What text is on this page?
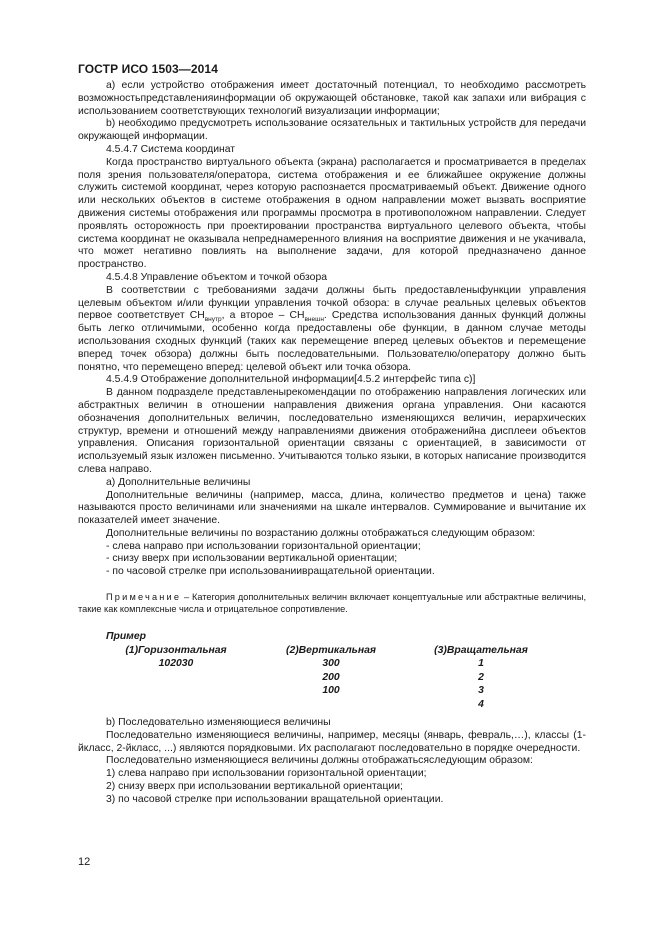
ГОСТР ИСО 1503—2014

а) если устройство отображения имеет достаточный потенциал, то необходимо рассмотреть возможностьпредставленияинформации об окружающей обстановке, такой как запахи или вибрация с использованием соответствующих технологий визуализации информации;

b) необходимо предусмотреть использование осязательных и тактильных устройств для передачи окружающей информации.

4.5.4.7 Система координат

Когда пространство виртуального объекта (экрана) располагается и просматривается в пределах поля зрения пользователя/оператора, система отображения и ее ближайшее окружение должны служить системой координат, через которую распознается просматриваемый объект. Движение одного или нескольких объектов в системе отображения в одном направлении может вызвать восприятие движения системы отображения или программы просмотра в противоположном направлении. Следует проявлять осторожность при проектировании пространства виртуального целевого объекта, чтобы система координат не оказывала непреднамеренного влияния на восприятие движения и не укачивала, что может негативно повлиять на выполнение задачи, для которой предназначено данное пространство.

4.5.4.8 Управление объектом и точкой обзора

В соответствии с требованиями задачи должны быть предоставленыфункции управления целевым объектом и/или функции управления точкой обзора: в случае реальных целевых объектов первое соответствует $СН_{внутр}$, а второе – $СН_{внешн}$. Средства использования данных функций должны быть легко отличимыми, особенно когда предоставлены обе функции, в данном случае методы использования сходных функций (таких как перемещение вперед целевых объектов и перемещение вперед точек обзора) должны быть последовательными. Пользователю/оператору должно быть понятно, что перемещено вперед: целевой объект или точка обзора.

4.5.4.9 Отображение дополнительной информации[4.5.2 интерфейс типа с)]

В данном подразделе представленырекомендации по отображению направления логических или абстрактных величин в отношении направления движения органа управления. Они касаются обозначения дополнительных величин, последовательно изменяющихся величин, иерархических структур, времени и отношений между направлениями движения отображенийна дисплееи объектов управления. Описания горизонтальной ориентации связаны с ориентацией, в зависимости от используемый язык изложен письменно. Учитываются только языки, в которых написание производится слева направо.

а) Дополнительные величины

Дополнительные величины (например, масса, длина, количество предметов и цена) также называются просто величинами или значениями на шкале интервалов. Суммирование и вычитание их показателей имеет значение.

Дополнительные величины по возрастанию должны отображаться следующим образом:

- слева направо при использовании горизонтальной ориентации;

- снизу вверх при использовании вертикальной ориентации;

- по часовой стрелке при использованиивращательной ориентации.

Примечание – Категория дополнительных величин включает концептуальные или абстрактные величины, такие как комплексные числа и отрицательное сопротивление.

Пример

(1)Горизонтальная	(2)Вертикальная	(3)Вращательная
102030	300	1
	200	2
	100	3
		4

b) Последовательно изменяющиеся величины

Последовательно изменяющиеся величины, например, месяцы (январь, февраль,…), классы (1-йкласс, 2-йкласс, ...) являются порядковыми. Их располагают последовательно в порядке очередности.

Последовательно изменяющиеся величины должны отображатьсяследующим образом:

1) слева направо при использовании горизонтальной ориентации;

2) снизу вверх при использовании вертикальной ориентации;

3) по часовой стрелке при использовании вращательной ориентации.

12
